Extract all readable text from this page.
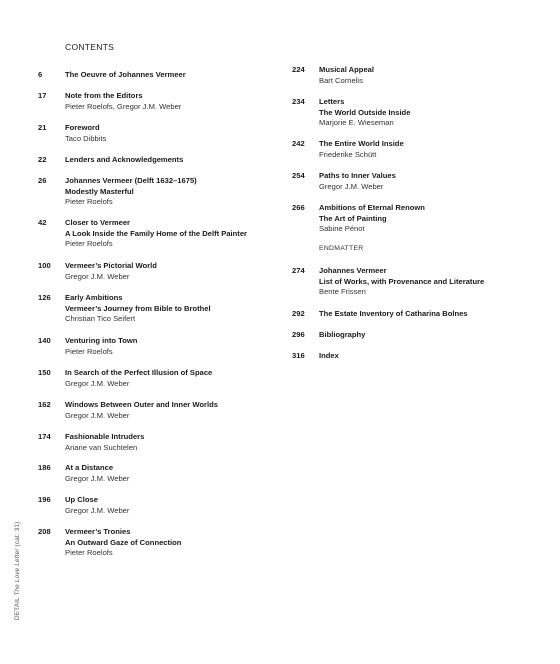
CONTENTS
6	The Oeuvre of Johannes Vermeer
17 Note from the Editors
Pieter Roelofs, Gregor J.M. Weber
21 Foreword
Taco Dibbits
22 Lenders and Acknowledgements
26 Johannes Vermeer (Delft 1632–1675)
Modestly Masterful
Pieter Roelofs
42 Closer to Vermeer
A Look Inside the Family Home of the Delft Painter
Pieter Roelofs
100 Vermeer’s Pictorial World
Gregor J.M. Weber
126 Early Ambitions
Vermeer’s Journey from Bible to Brothel
Christian Tico Seifert
140 Venturing into Town
Pieter Roelofs
150 In Search of the Perfect Illusion of Space
Gregor J.M. Weber
162 Windows Between Outer and Inner Worlds
Gregor J.M. Weber
174 Fashionable Intruders
Ariane van Suchtelen
186 At a Distance
Gregor J.M. Weber
196 Up Close
Gregor J.M. Weber
208 Vermeer’s Tronies
An Outward Gaze of Connection
Pieter Roelofs
224 Musical Appeal
Bart Cornelis
234 Letters
The World Outside Inside
Marjorie E. Wieseman
242 The Entire World Inside
Friederike Schütt
254 Paths to Inner Values
Gregor J.M. Weber
266 Ambitions of Eternal Renown
The Art of Painting
Sabine Pénot
274 Johannes Vermeer
List of Works, with Provenance and Literature
Bente Frissen
292 The Estate Inventory of Catharina Bolnes
296 Bibliography
316 Index
ENDMATTER
DETAIL The Love Letter (cat. 31)
